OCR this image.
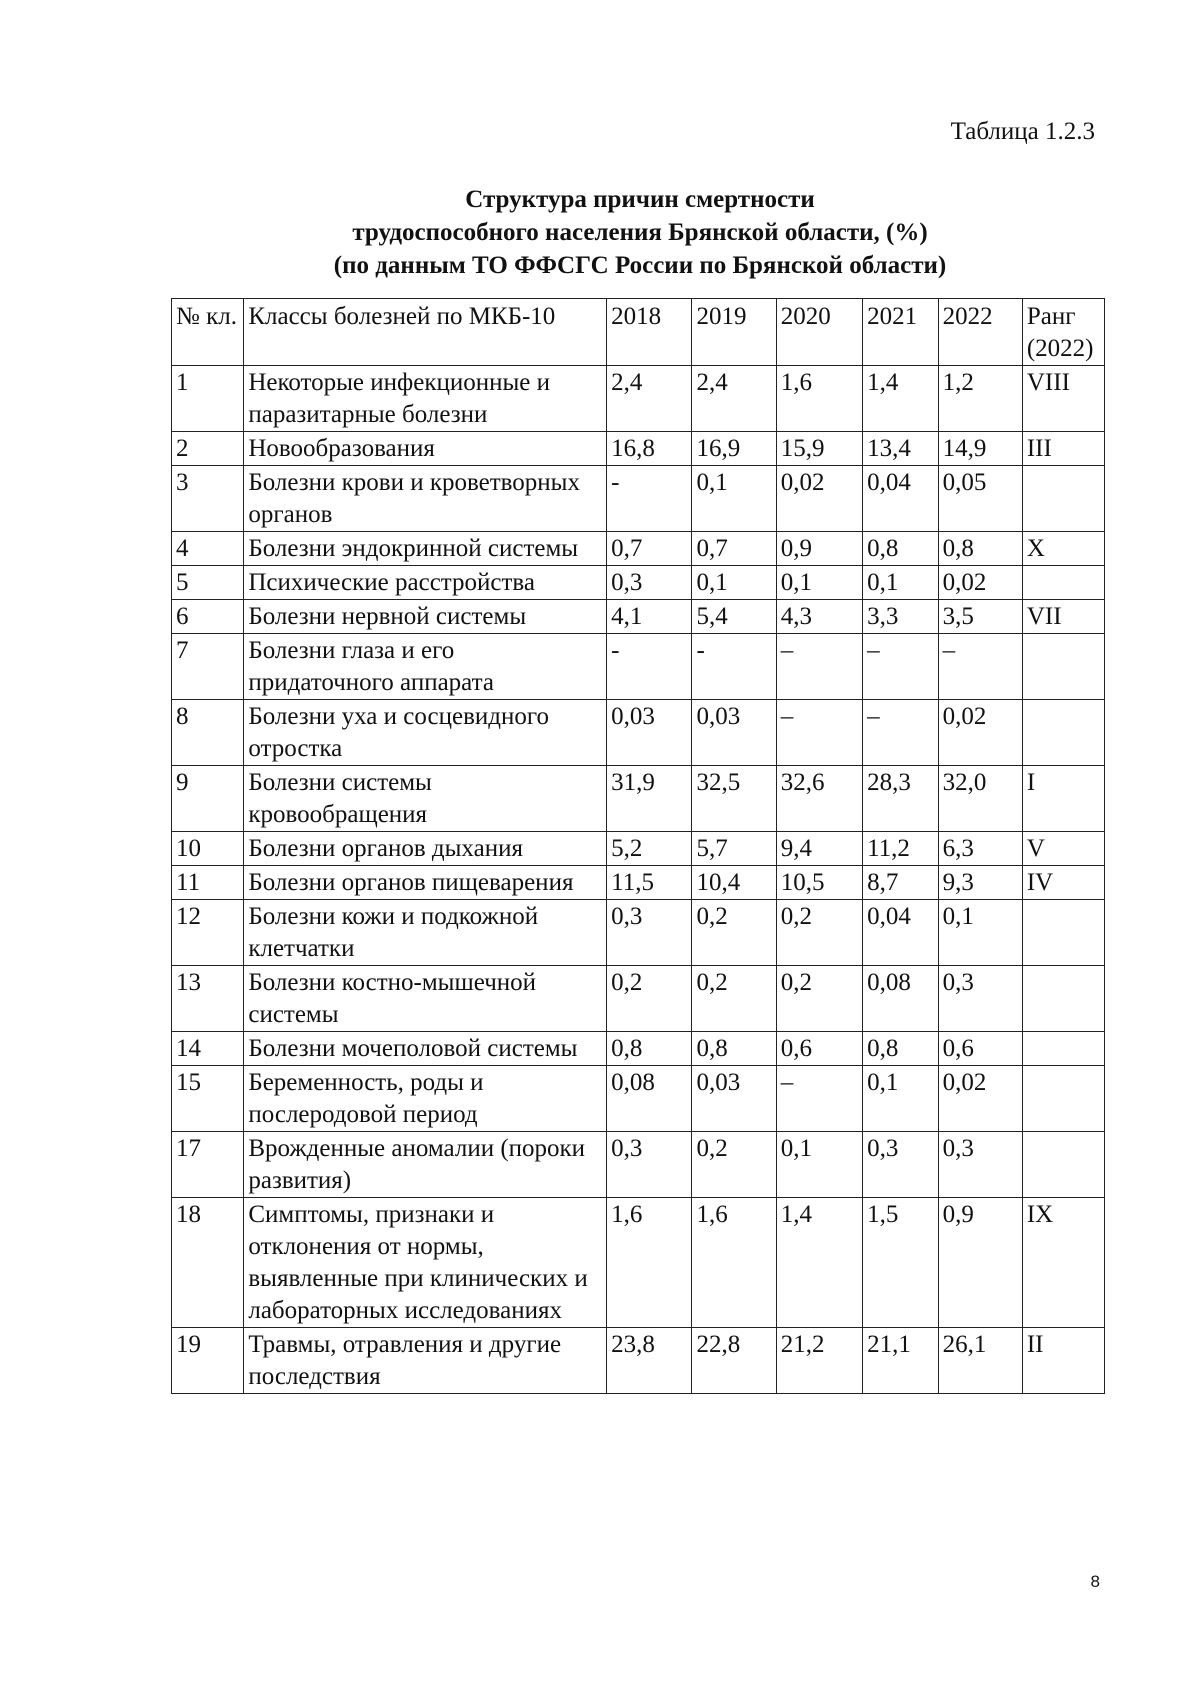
Таблица 1.2.3
Структура причин смертности
трудоспособного населения Брянской области, (%)
(по данным ТО ФФСГС России по Брянской области)
№ кл.	Классы болезней по МКБ-10	2018	2019	2020	2021	2022	Ранг (2022)
1	Некоторые инфекционные и паразитарные болезни	2,4	2,4	1,6	1,4	1,2	VIII
2	Новообразования	16,8	16,9	15,9	13,4	14,9	III
3	Болезни крови и кроветворных органов	-	0,1	0,02	0,04	0,05	
4	Болезни эндокринной системы	0,7	0,7	0,9	0,8	0,8	X
5	Психические расстройства	0,3	0,1	0,1	0,1	0,02	
6	Болезни нервной системы	4,1	5,4	4,3	3,3	3,5	VII
7	Болезни глаза и его придаточного аппарата	-	-	–	–	–	
8	Болезни уха и сосцевидного отростка	0,03	0,03	–	–	0,02	
9	Болезни системы кровообращения	31,9	32,5	32,6	28,3	32,0	I
10	Болезни органов дыхания	5,2	5,7	9,4	11,2	6,3	V
11	Болезни органов пищеварения	11,5	10,4	10,5	8,7	9,3	IV
12	Болезни кожи и подкожной клетчатки	0,3	0,2	0,2	0,04	0,1	
13	Болезни костно-мышечной системы	0,2	0,2	0,2	0,08	0,3	
14	Болезни мочеполовой системы	0,8	0,8	0,6	0,8	0,6	
15	Беременность, роды и послеродовой период	0,08	0,03	–	0,1	0,02	
17	Врожденные аномалии (пороки развития)	0,3	0,2	0,1	0,3	0,3	
18	Симптомы, признаки и отклонения от нормы, выявленные при клинических и лабораторных исследованиях	1,6	1,6	1,4	1,5	0,9	IX
19	Травмы, отравления и другие последствия	23,8	22,8	21,2	21,1	26,1	II
8
